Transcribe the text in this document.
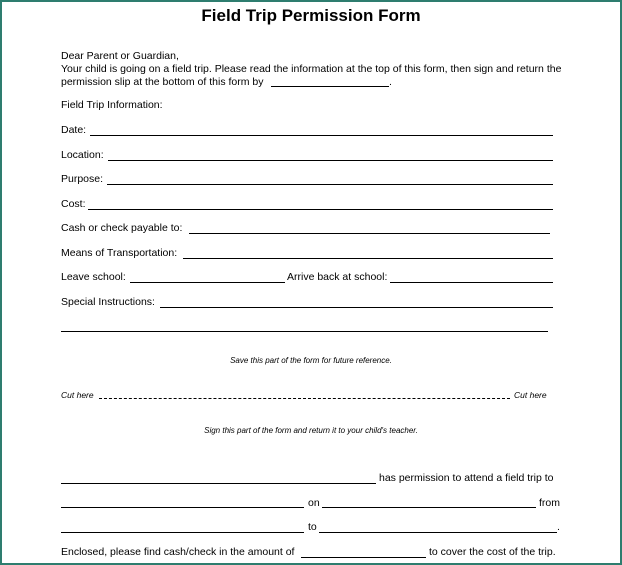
Field Trip Permission Form
Dear Parent or Guardian,
Your child is going on a field trip. Please read the information at the top of this form, then sign and return the
permission slip at the bottom of this form by	.
Field Trip Information:
Date:
Location:
Purpose:
Cost:
Cash or check payable to:
Means of Transportation:
Leave school:	Arrive back at school:
Special Instructions:
Save this part of the form for future reference.
Cut here	Cut here
Sign this part of the form and return it to your child's teacher.
has permission to attend a field trip to
on	from
to	.
Enclosed, please find cash/check in the amount of	to cover the cost of the trip.
